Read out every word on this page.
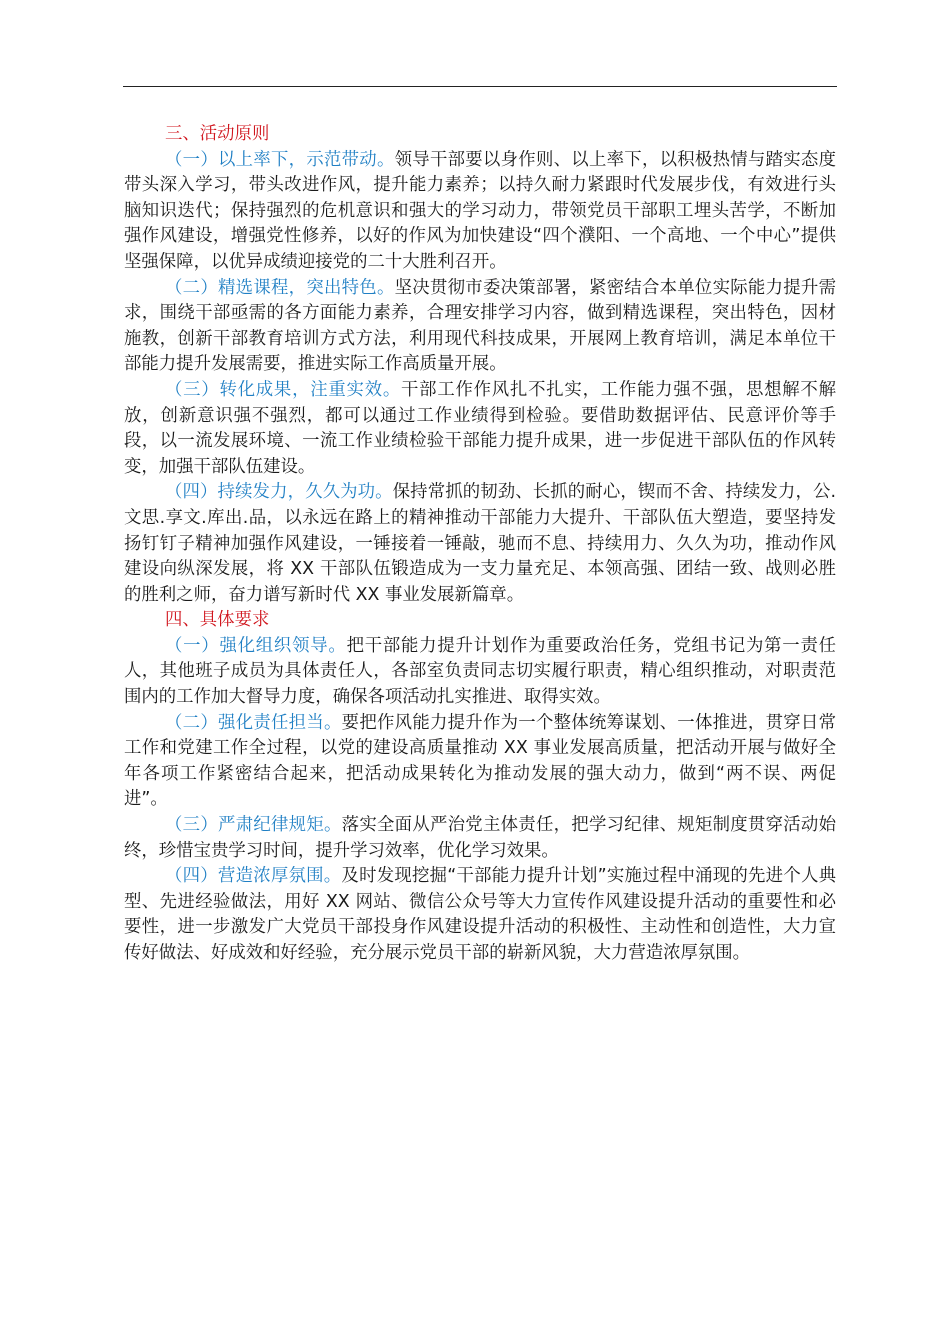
三、活动原则

（一）以上率下，示范带动。领导干部要以身作则、以上率下，以积极热情与踏实态度带头深入学习，带头改进作风，提升能力素养；以持久耐力紧跟时代发展步伐，有效进行头脑知识迭代；保持强烈的危机意识和强大的学习动力，带领党员干部职工埋头苦学，不断加强作风建设，增强党性修养，以好的作风为加快建设“四个濮阳、一个高地、一个中心”提供坚强保障，以优异成绩迎接党的二十大胜利召开。

（二）精选课程，突出特色。坚决贯彻市委决策部署，紧密结合本单位实际能力提升需求，围绕干部亟需的各方面能力素养，合理安排学习内容，做到精选课程，突出特色，因材施教，创新干部教育培训方式方法，利用现代科技成果，开展网上教育培训，满足本单位干部能力提升发展需要，推进实际工作高质量开展。

（三）转化成果，注重实效。干部工作作风扎不扎实，工作能力强不强，思想解不解放，创新意识强不强烈，都可以通过工作业绩得到检验。要借助数据评估、民意评价等手段，以一流发展环境、一流工作业绩检验干部能力提升成果，进一步促进干部队伍的作风转变，加强干部队伍建设。

（四）持续发力，久久为功。保持常抓的韧劲、长抓的耐心，锲而不舍、持续发力，公.文思.享文.库出.品，以永远在路上的精神推动干部能力大提升、干部队伍大塑造，要坚持发扬钉钉子精神加强作风建设，一锤接着一锤敲，驰而不息、持续用力、久久为功，推动作风建设向纵深发展，将 XX 干部队伍锻造成为一支力量充足、本领高强、团结一致、战则必胜的胜利之师，奋力谱写新时代 XX 事业发展新篇章。

四、具体要求

（一）强化组织领导。把干部能力提升计划作为重要政治任务，党组书记为第一责任人，其他班子成员为具体责任人，各部室负责同志切实履行职责，精心组织推动，对职责范围内的工作加大督导力度，确保各项活动扎实推进、取得实效。

（二）强化责任担当。要把作风能力提升作为一个整体统筹谋划、一体推进，贯穿日常工作和党建工作全过程，以党的建设高质量推动 XX 事业发展高质量，把活动开展与做好全年各项工作紧密结合起来，把活动成果转化为推动发展的强大动力，做到“两不误、两促进”。

（三）严肃纪律规矩。落实全面从严治党主体责任，把学习纪律、规矩制度贯穿活动始终，珍惜宝贵学习时间，提升学习效率，优化学习效果。

（四）营造浓厚氛围。及时发现挖掘“干部能力提升计划”实施过程中涌现的先进个人典型、先进经验做法，用好 XX 网站、微信公众号等大力宣传作风建设提升活动的重要性和必要性，进一步激发广大党员干部投身作风建设提升活动的积极性、主动性和创造性，大力宣传好做法、好成效和好经验，充分展示党员干部的崭新风貌，大力营造浓厚氛围。
